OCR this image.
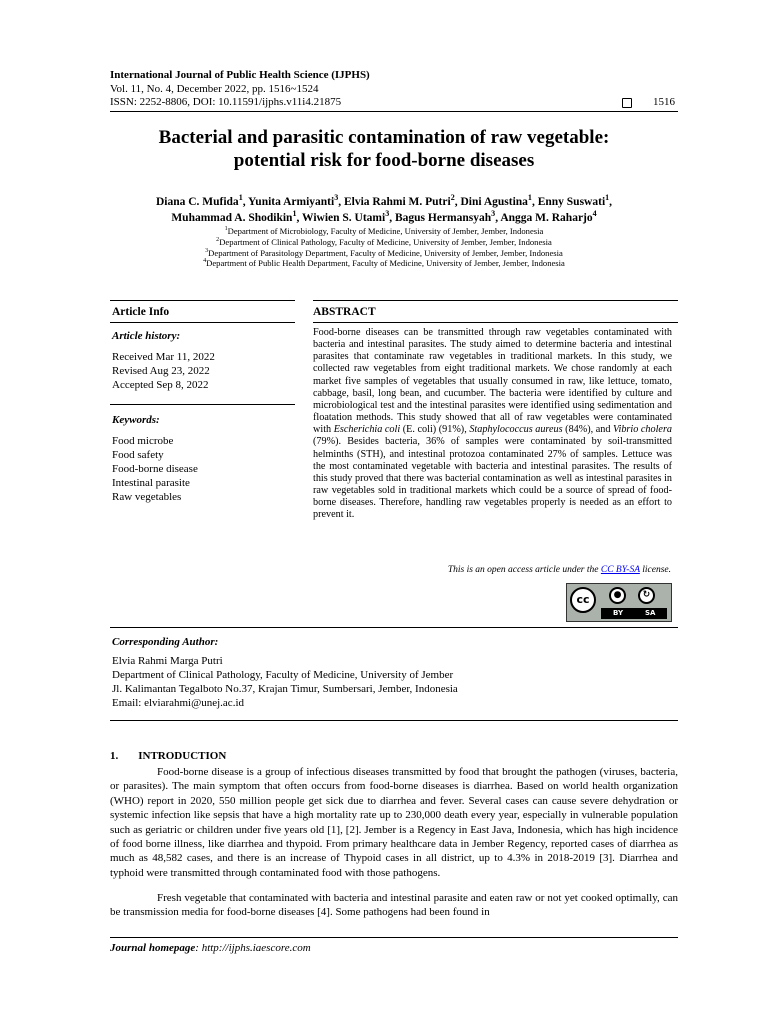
International Journal of Public Health Science (IJPHS)
Vol. 11, No. 4, December 2022, pp. 1516~1524
ISSN: 2252-8806, DOI: 10.11591/ijphs.v11i4.21875	1516
Bacterial and parasitic contamination of raw vegetable:
potential risk for food-borne diseases
Diana C. Mufida$^1$, Yunita Armiyanti$^3$, Elvia Rahmi M. Putri$^2$, Dini Agustina$^1$, Enny Suswati$^1$,
Muhammad A. Shodikin$^1$, Wiwien S. Utami$^3$, Bagus Hermansyah$^3$, Angga M. Raharjo$^4$
$^1$Department of Microbiology, Faculty of Medicine, University of Jember, Jember, Indonesia
$^2$Department of Clinical Pathology, Faculty of Medicine, University of Jember, Jember, Indonesia
$^3$Department of Parasitology Department, Faculty of Medicine, University of Jember, Jember, Indonesia
$^4$Department of Public Health Department, Faculty of Medicine, University of Jember, Jember, Indonesia
Article Info	ABSTRACT
Article history:
Received Mar 11, 2022
Revised Aug 23, 2022
Accepted Sep 8, 2022
Keywords:
Food microbe
Food safety
Food-borne disease
Intestinal parasite
Raw vegetables
Food-borne diseases can be transmitted through raw vegetables contaminated with bacteria and intestinal parasites. The study aimed to determine bacteria and intestinal parasites that contaminate raw vegetables in traditional markets. In this study, we collected raw vegetables from eight traditional markets. We chose randomly at each market five samples of vegetables that usually consumed in raw, like lettuce, tomato, cabbage, basil, long bean, and cucumber. The bacteria were identified by culture and microbiological test and the intestinal parasites were identified using sedimentation and floatation methods. This study showed that all of raw vegetables were contaminated with Escherichia coli (E. coli) (91%), Staphylococcus aureus (84%), and Vibrio cholera (79%). Besides bacteria, 36% of samples were contaminated by soil-transmitted helminths (STH), and intestinal protozoa contaminated 27% of samples. Lettuce was the most contaminated vegetable with bacteria and intestinal parasites. The results of this study proved that there was bacterial contamination as well as intestinal parasites in raw vegetables sold in traditional markets which could be a source of spread of food-borne diseases. Therefore, handling raw vegetables properly is needed as an effort to prevent it.
This is an open access article under the CC BY-SA license.
cc	●	↻
BY	SA
Corresponding Author:
Elvia Rahmi Marga Putri
Department of Clinical Pathology, Faculty of Medicine, University of Jember
Jl. Kalimantan Tegalboto No.37, Krajan Timur, Sumbersari, Jember, Indonesia
Email: elviarahmi@unej.ac.id
1. INTRODUCTION
Food-borne disease is a group of infectious diseases transmitted by food that brought the pathogen (viruses, bacteria, or parasites). The main symptom that often occurs from food-borne diseases is diarrhea. Based on world health organization (WHO) report in 2020, 550 million people get sick due to diarrhea and fever. Several cases can cause severe dehydration or systemic infection like sepsis that have a high mortality rate up to 230,000 death every year, especially in vulnerable population such as geriatric or children under five years old [1], [2]. Jember is a Regency in East Java, Indonesia, which has high incidence of food borne illness, like diarrhea and thypoid. From primary healthcare data in Jember Regency, reported cases of diarrhea as much as 48,582 cases, and there is an increase of Thypoid cases in all district, up to 4.3% in 2018-2019 [3]. Diarrhea and typhoid were transmitted through contaminated food with those pathogens.
Fresh vegetable that contaminated with bacteria and intestinal parasite and eaten raw or not yet cooked optimally, can be transmission media for food-borne diseases [4]. Some pathogens had been found in
Journal homepage: http://ijphs.iaescore.com
